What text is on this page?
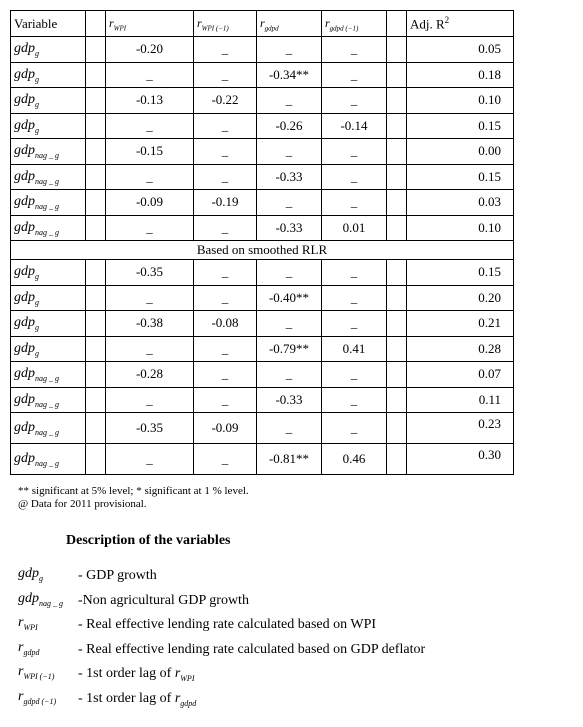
Variable		$r_{WPI}$	$r_{WPI (-1)}$	$r_{gdpd}$	$r_{gdpd (-1)}$		Adj. $R^2$
gdp$_g$		-0.20	_	_	_		0.05
gdp$_g$		_	_	-0.34**	_		0.18
gdp$_g$		-0.13	-0.22	_	_		0.10
gdp$_g$		_	_	-0.26	-0.14		0.15
gdp$_{nag \_ g}$		-0.15	_	_	_		0.00
gdp$_{nag \_ g}$		_	_	-0.33	_		0.15
gdp$_{nag \_ g}$		-0.09	-0.19	_	_		0.03
gdp$_{nag \_ g}$		_	_	-0.33	0.01		0.10
Based on smoothed RLR							
gdp$_g$		-0.35	_	_	_		0.15
gdp$_g$		_	_	-0.40**	_		0.20
gdp$_g$		-0.38	-0.08	_	_		0.21
gdp$_g$		_	_	-0.79**	0.41		0.28
gdp$_{nag \_ g}$		-0.28	_	_	_		0.07
gdp$_{nag \_ g}$		_	_	-0.33	_		0.11
gdp$_{nag \_ g}$		-0.35	-0.09	_	_		0.23
gdp$_{nag \_ g}$		_	_	-0.81**	0.46		0.30
** significant at 5% level; * significant at 1 % level.
@ Data for 2011 provisional.
Description of the variables
gdp$_g$	- GDP growth
gdp$_{nag \_ g}$ -Non agricultural GDP growth
$r_{WPI}$	- Real effective lending rate calculated based on WPI
$r_{gdpd}$	- Real effective lending rate calculated based on GDP deflator
$r_{WPI (-1)} - 1st$ order lag of $r_{WPI}$
$r_{gdpd (-1)} - 1st$ order lag of $r_{gdpd}$
